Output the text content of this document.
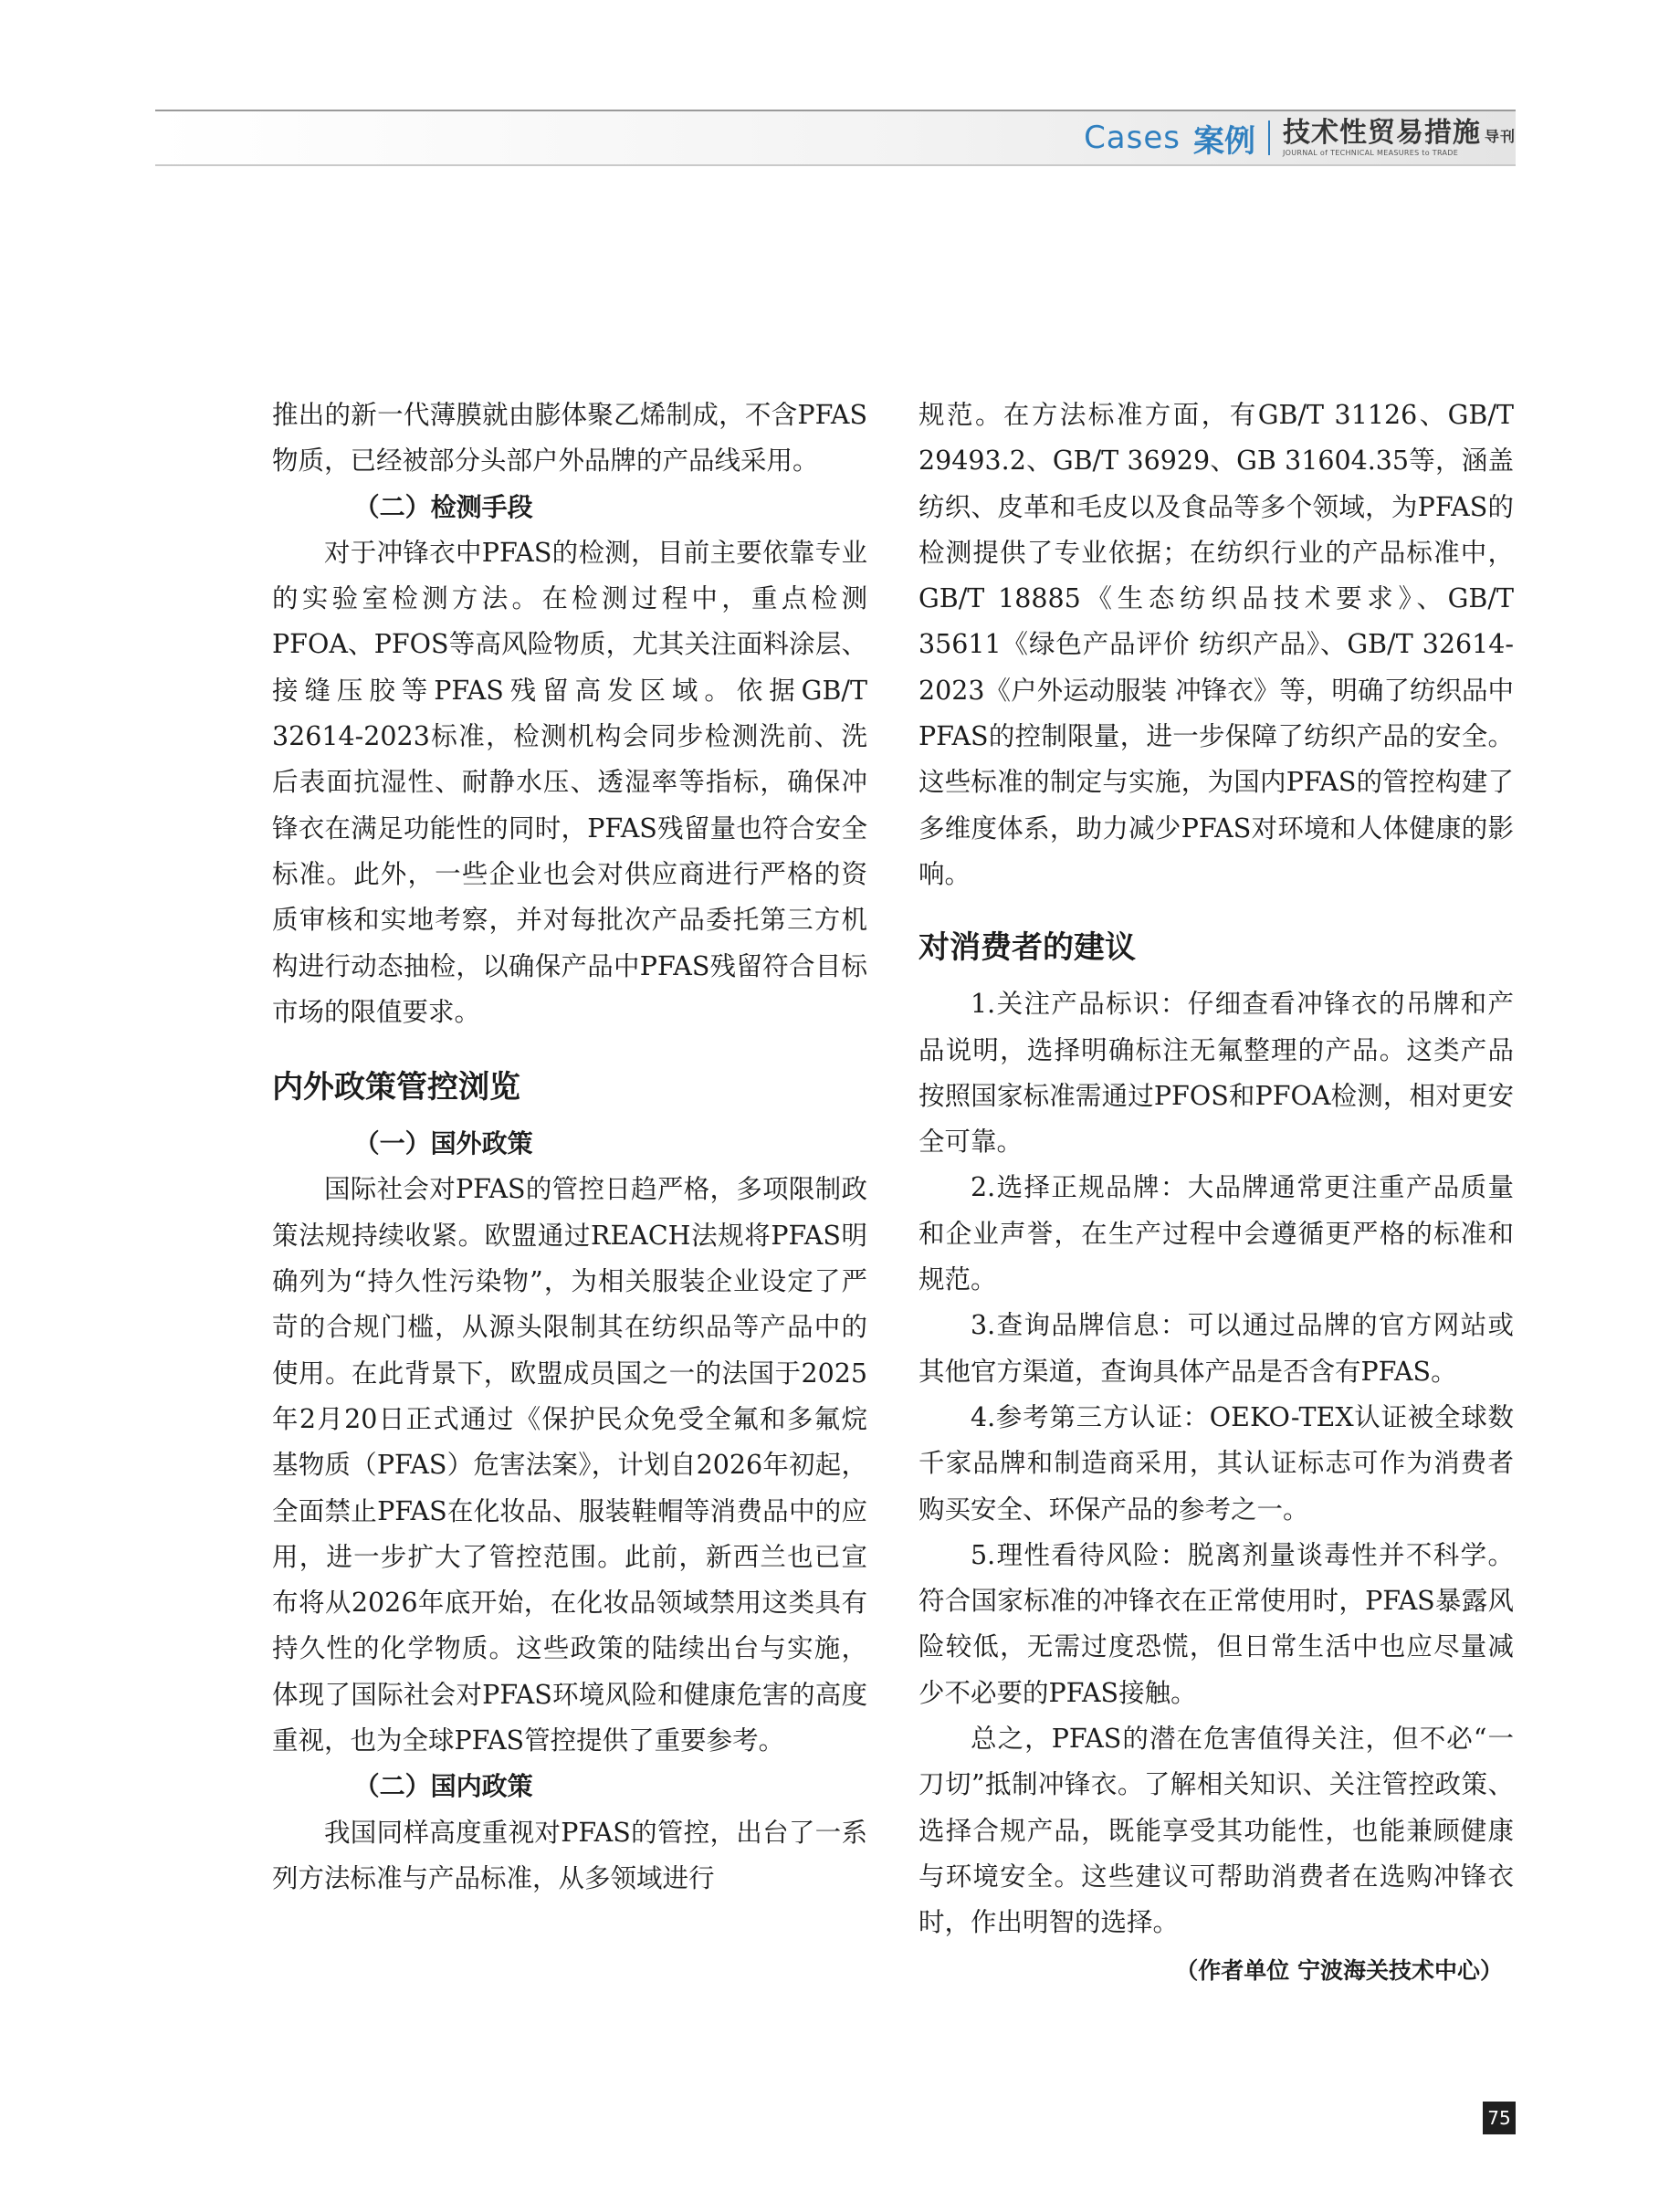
Cases 案例 技术性贸易措施 导刊
JOURNAL of TECHNICAL MEASURES to TRADE

推出的新一代薄膜就由膨体聚乙烯制成，不含PFAS物质，已经被部分头部户外品牌的产品线采用。

（二）检测手段

对于冲锋衣中PFAS的检测，目前主要依靠专业的实验室检测方法。在检测过程中，重点检测PFOA、PFOS等高风险物质，尤其关注面料涂层、接缝压胶等PFAS残留高发区域。依据GB/T 32614-2023标准，检测机构会同步检测洗前、洗后表面抗湿性、耐静水压、透湿率等指标，确保冲锋衣在满足功能性的同时，PFAS残留量也符合安全标准。此外，一些企业也会对供应商进行严格的资质审核和实地考察，并对每批次产品委托第三方机构进行动态抽检，以确保产品中PFAS残留符合目标市场的限值要求。

内外政策管控浏览

（一）国外政策

国际社会对PFAS的管控日趋严格，多项限制政策法规持续收紧。欧盟通过REACH法规将PFAS明确列为“持久性污染物”，为相关服装企业设定了严苛的合规门槛，从源头限制其在纺织品等产品中的使用。在此背景下，欧盟成员国之一的法国于2025年2月20日正式通过《保护民众免受全氟和多氟烷基物质（PFAS）危害法案》，计划自2026年初起，全面禁止PFAS在化妆品、服装鞋帽等消费品中的应用，进一步扩大了管控范围。此前，新西兰也已宣布将从2026年底开始，在化妆品领域禁用这类具有持久性的化学物质。这些政策的陆续出台与实施，体现了国际社会对PFAS环境风险和健康危害的高度重视，也为全球PFAS管控提供了重要参考。

（二）国内政策

我国同样高度重视对PFAS的管控，出台了一系列方法标准与产品标准，从多领域进行

规范。在方法标准方面，有GB/T 31126、GB/T 29493.2、GB/T 36929、GB 31604.35等，涵盖纺织、皮革和毛皮以及食品等多个领域，为PFAS的检测提供了专业依据；在纺织行业的产品标准中，GB/T 18885《生态纺织品技术要求》、GB/T 35611《绿色产品评价 纺织产品》、GB/T 32614-2023《户外运动服装 冲锋衣》等，明确了纺织品中PFAS的控制限量，进一步保障了纺织产品的安全。这些标准的制定与实施，为国内PFAS的管控构建了多维度体系，助力减少PFAS对环境和人体健康的影响。

对消费者的建议

1.关注产品标识：仔细查看冲锋衣的吊牌和产品说明，选择明确标注无氟整理的产品。这类产品按照国家标准需通过PFOS和PFOA检测，相对更安全可靠。

2.选择正规品牌：大品牌通常更注重产品质量和企业声誉，在生产过程中会遵循更严格的标准和规范。

3.查询品牌信息：可以通过品牌的官方网站或其他官方渠道，查询具体产品是否含有PFAS。

4.参考第三方认证：OEKO-TEX认证被全球数千家品牌和制造商采用，其认证标志可作为消费者购买安全、环保产品的参考之一。

5.理性看待风险：脱离剂量谈毒性并不科学。符合国家标准的冲锋衣在正常使用时，PFAS暴露风险较低，无需过度恐慌，但日常生活中也应尽量减少不必要的PFAS接触。

总之，PFAS的潜在危害值得关注，但不必“一刀切”抵制冲锋衣。了解相关知识、关注管控政策、选择合规产品，既能享受其功能性，也能兼顾健康与环境安全。这些建议可帮助消费者在选购冲锋衣时，作出明智的选择。

（作者单位 宁波海关技术中心）
75
